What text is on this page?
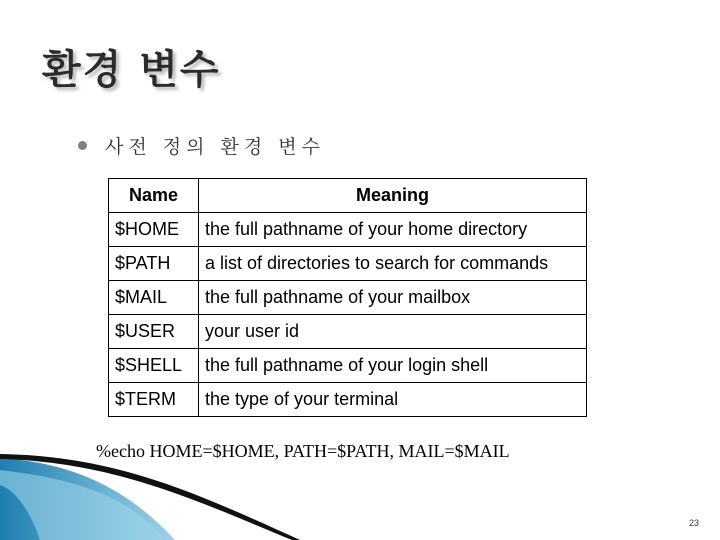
환경 변수
사전 정의 환경 변수
Name	Meaning
$HOME	the full pathname of your home directory
$PATH	a list of directories to search for commands
$MAIL	the full pathname of your mailbox
$USER	your user id
$SHELL	the full pathname of your login shell
$TERM	the type of your terminal
%echo HOME=$HOME, PATH=$PATH, MAIL=$MAIL
23
